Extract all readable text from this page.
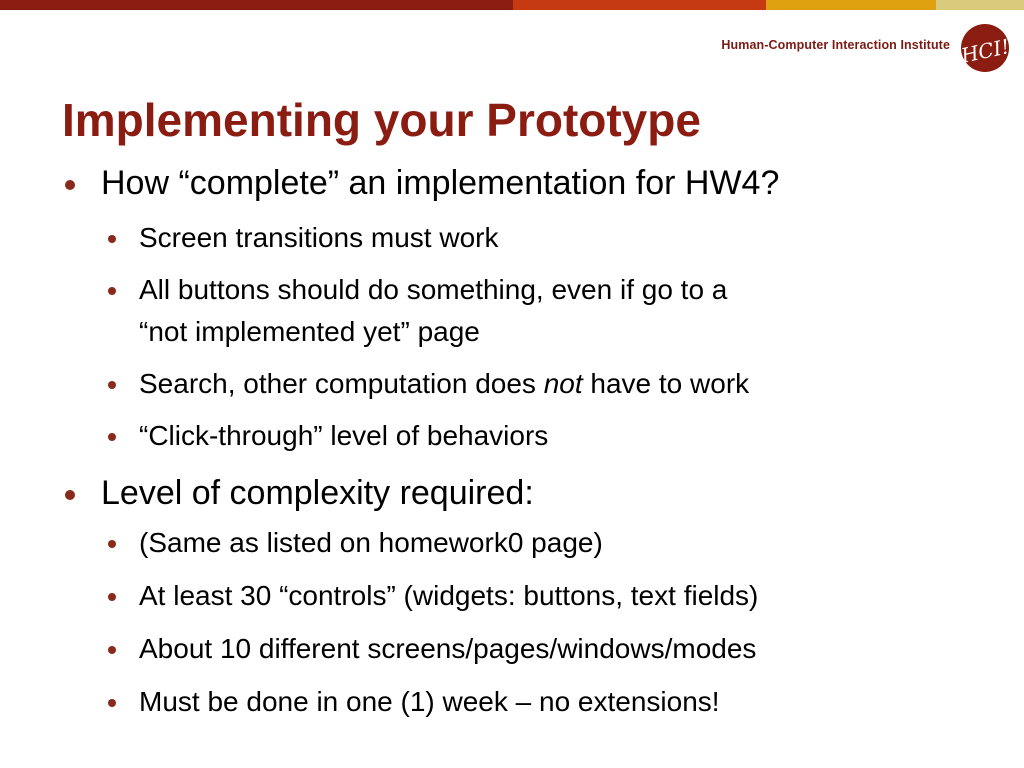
Human-Computer Interaction Institute HCI!
Implementing your Prototype
How “complete” an implementation for HW4?
Screen transitions must work
All buttons should do something, even if go to a
“not implemented yet” page
Search, other computation does not have to work
“Click-through” level of behaviors
Level of complexity required:
(Same as listed on homework0 page)
At least 30 “controls” (widgets: buttons, text fields)
About 10 different screens/pages/windows/modes
Must be done in one (1) week – no extensions!
